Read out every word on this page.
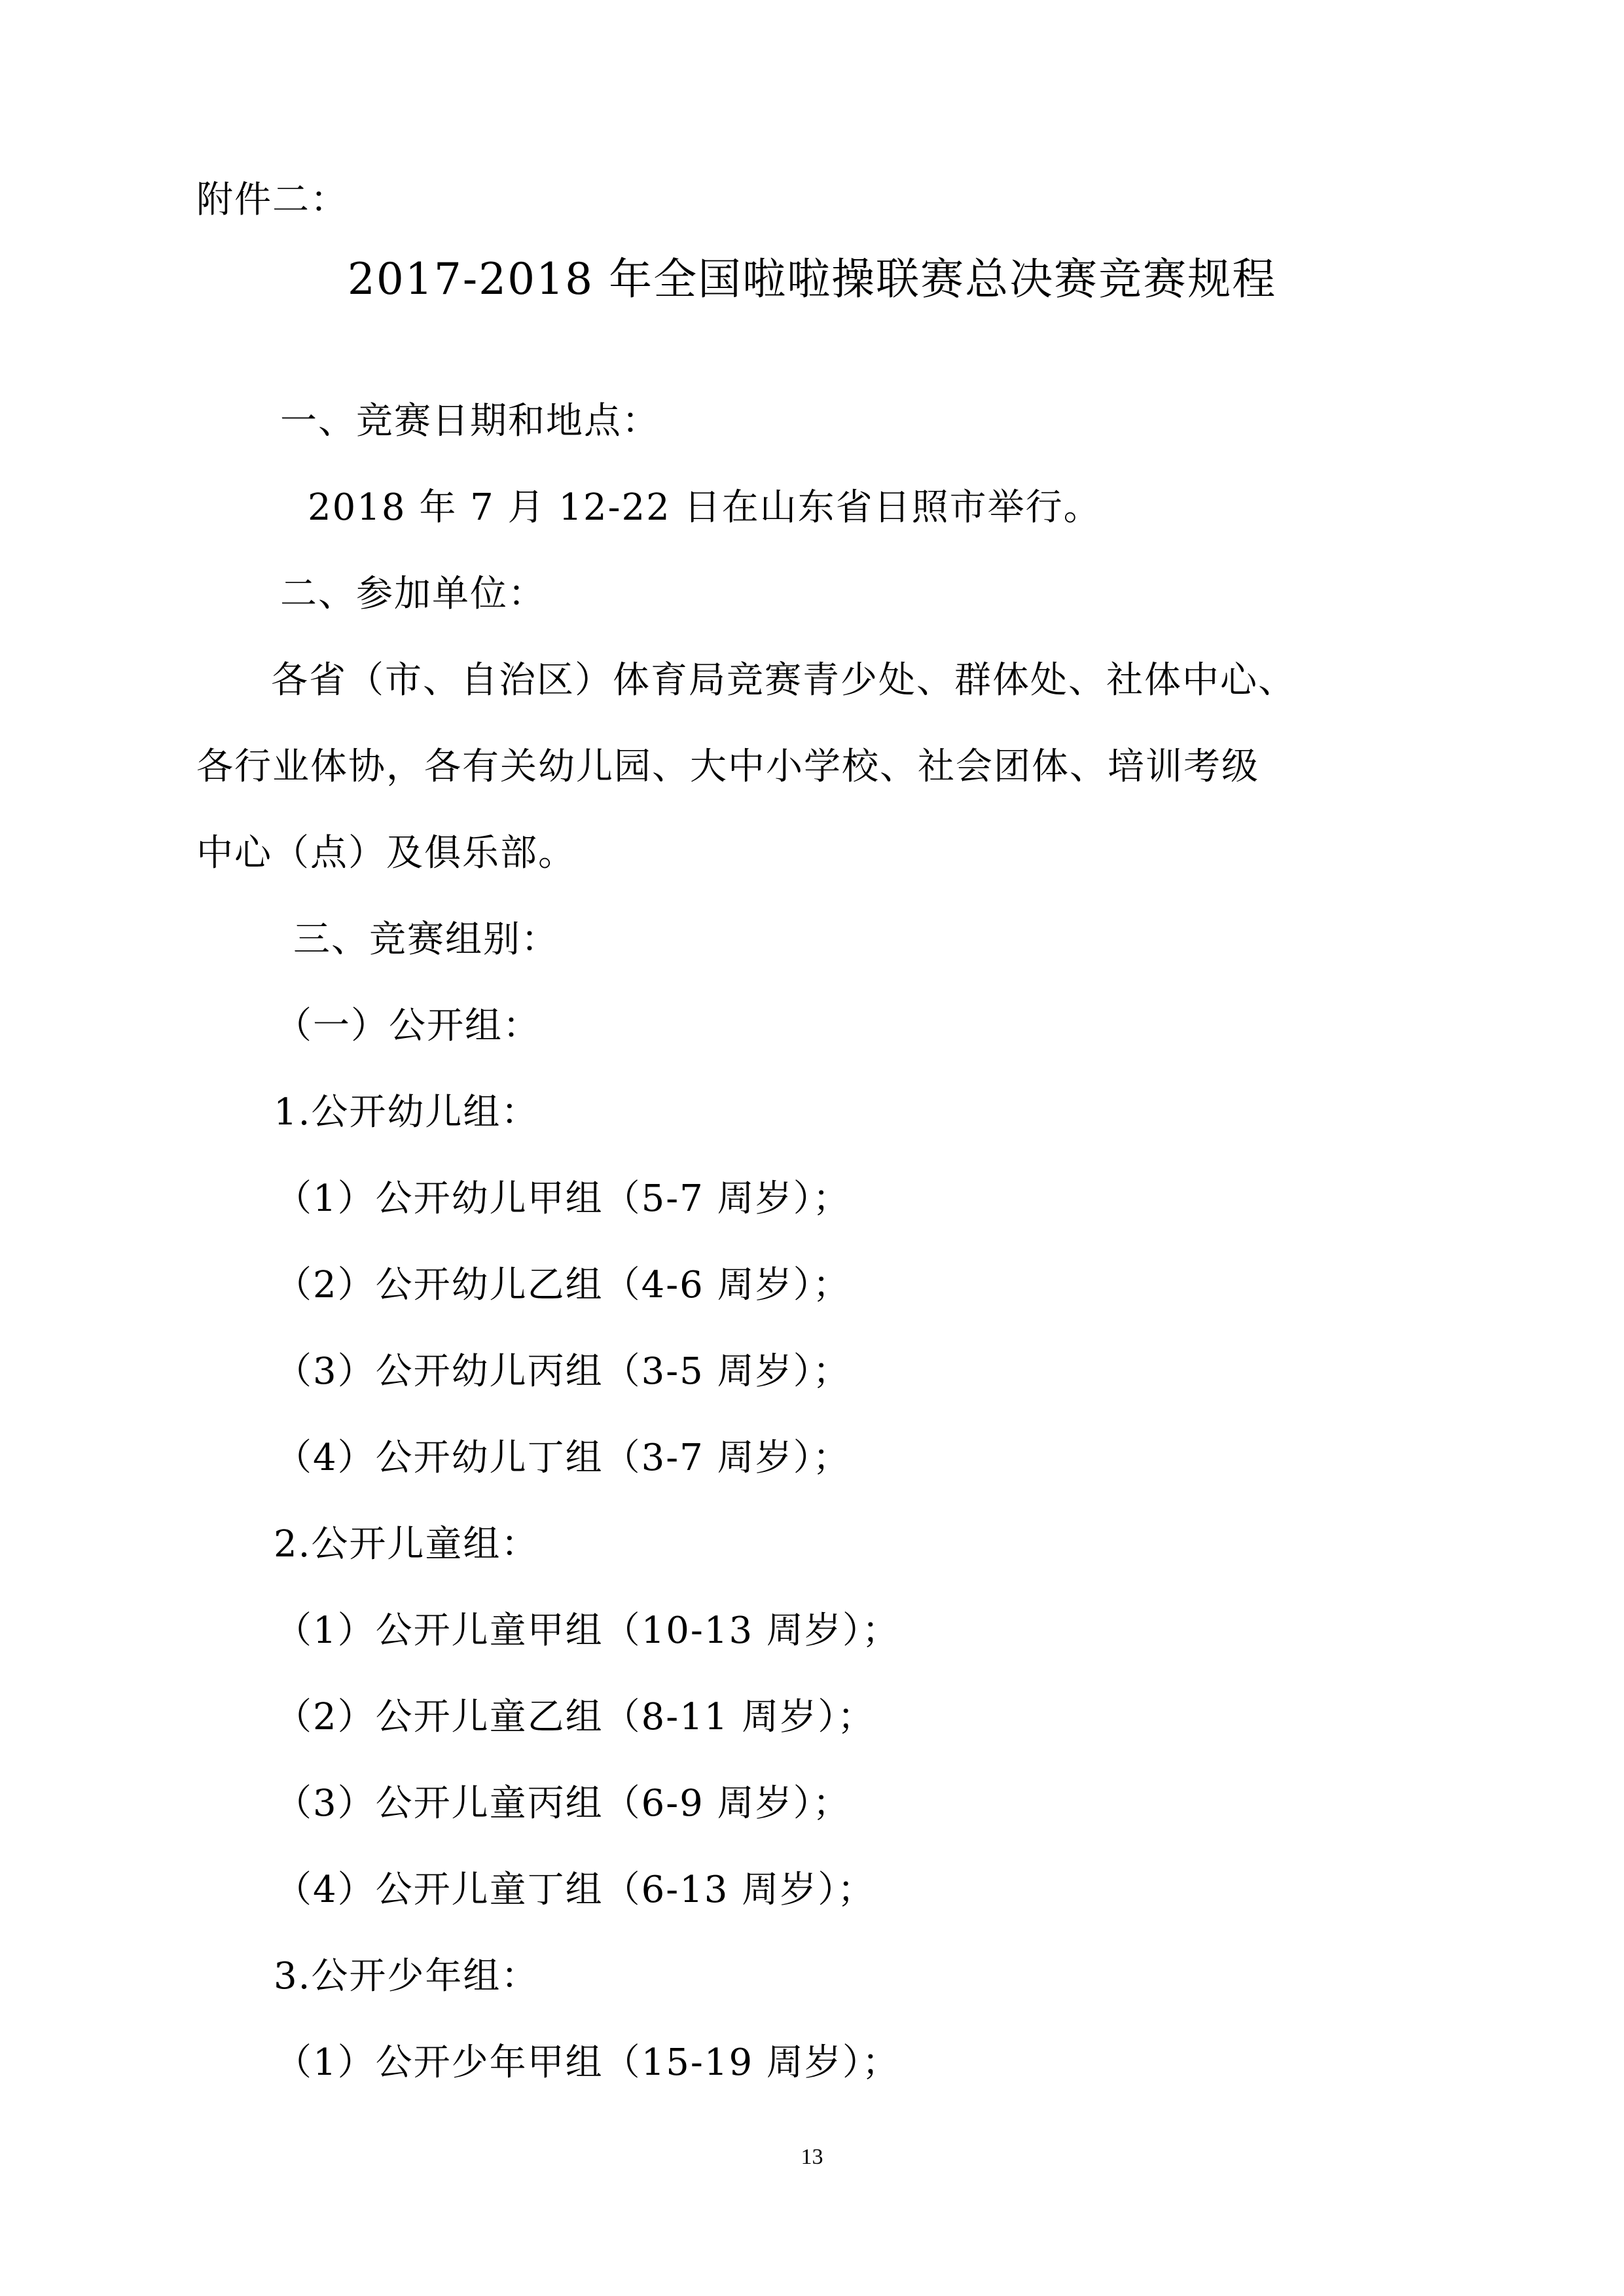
附件二：
2017-2018 年全国啦啦操联赛总决赛竞赛规程
一、竞赛日期和地点：
2018 年 7 月 12-22 日在山东省日照市举行。
二、参加单位：
各省（市、自治区）体育局竞赛青少处、群体处、社体中心、
各行业体协，各有关幼儿园、大中小学校、社会团体、培训考级
中心（点）及俱乐部。
三、竞赛组别：
（一）公开组：
1.公开幼儿组：
（1）公开幼儿甲组（5-7 周岁）；
（2）公开幼儿乙组（4-6 周岁）；
（3）公开幼儿丙组（3-5 周岁）；
（4）公开幼儿丁组（3-7 周岁）；
2.公开儿童组：
（1）公开儿童甲组（10-13 周岁）；
（2）公开儿童乙组（8-11 周岁）；
（3）公开儿童丙组（6-9 周岁）；
（4）公开儿童丁组（6-13 周岁）；
3.公开少年组：
（1）公开少年甲组（15-19 周岁）；
13
